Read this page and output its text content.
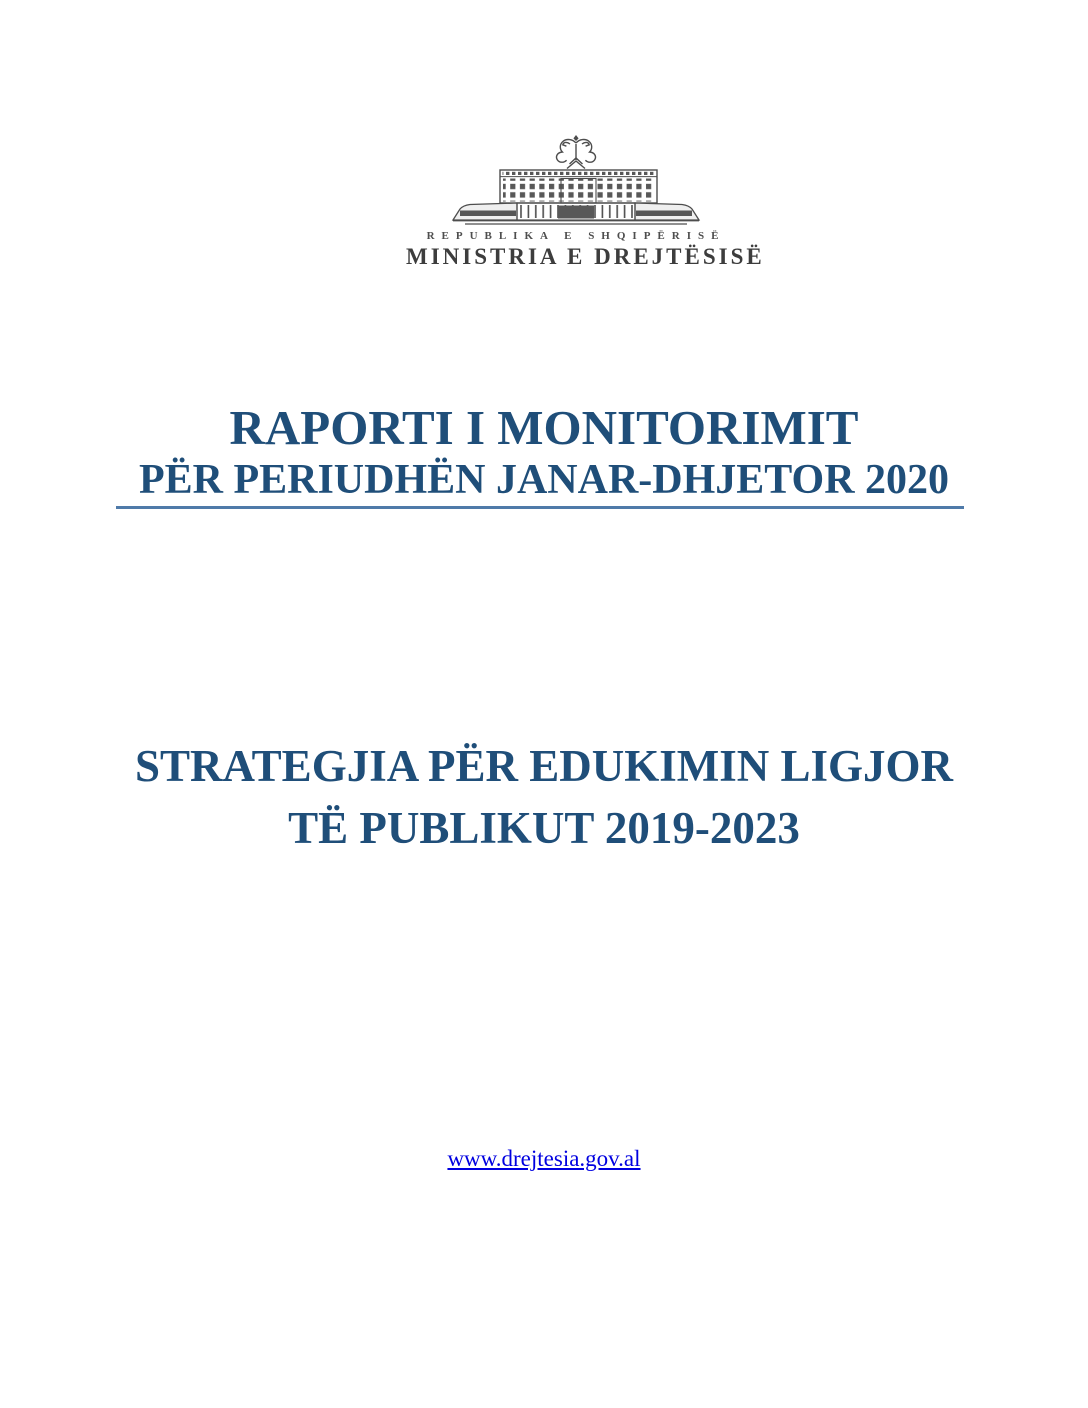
REPUBLIKA E SHQIPËRISË
MINISTRIA E DREJTËSISË
RAPORTI I MONITORIMIT
PËR PERIUDHËN JANAR-DHJETOR 2020
STRATEGJIA PËR EDUKIMIN LIGJOR
TË PUBLIKUT 2019-2023
www.drejtesia.gov.al
